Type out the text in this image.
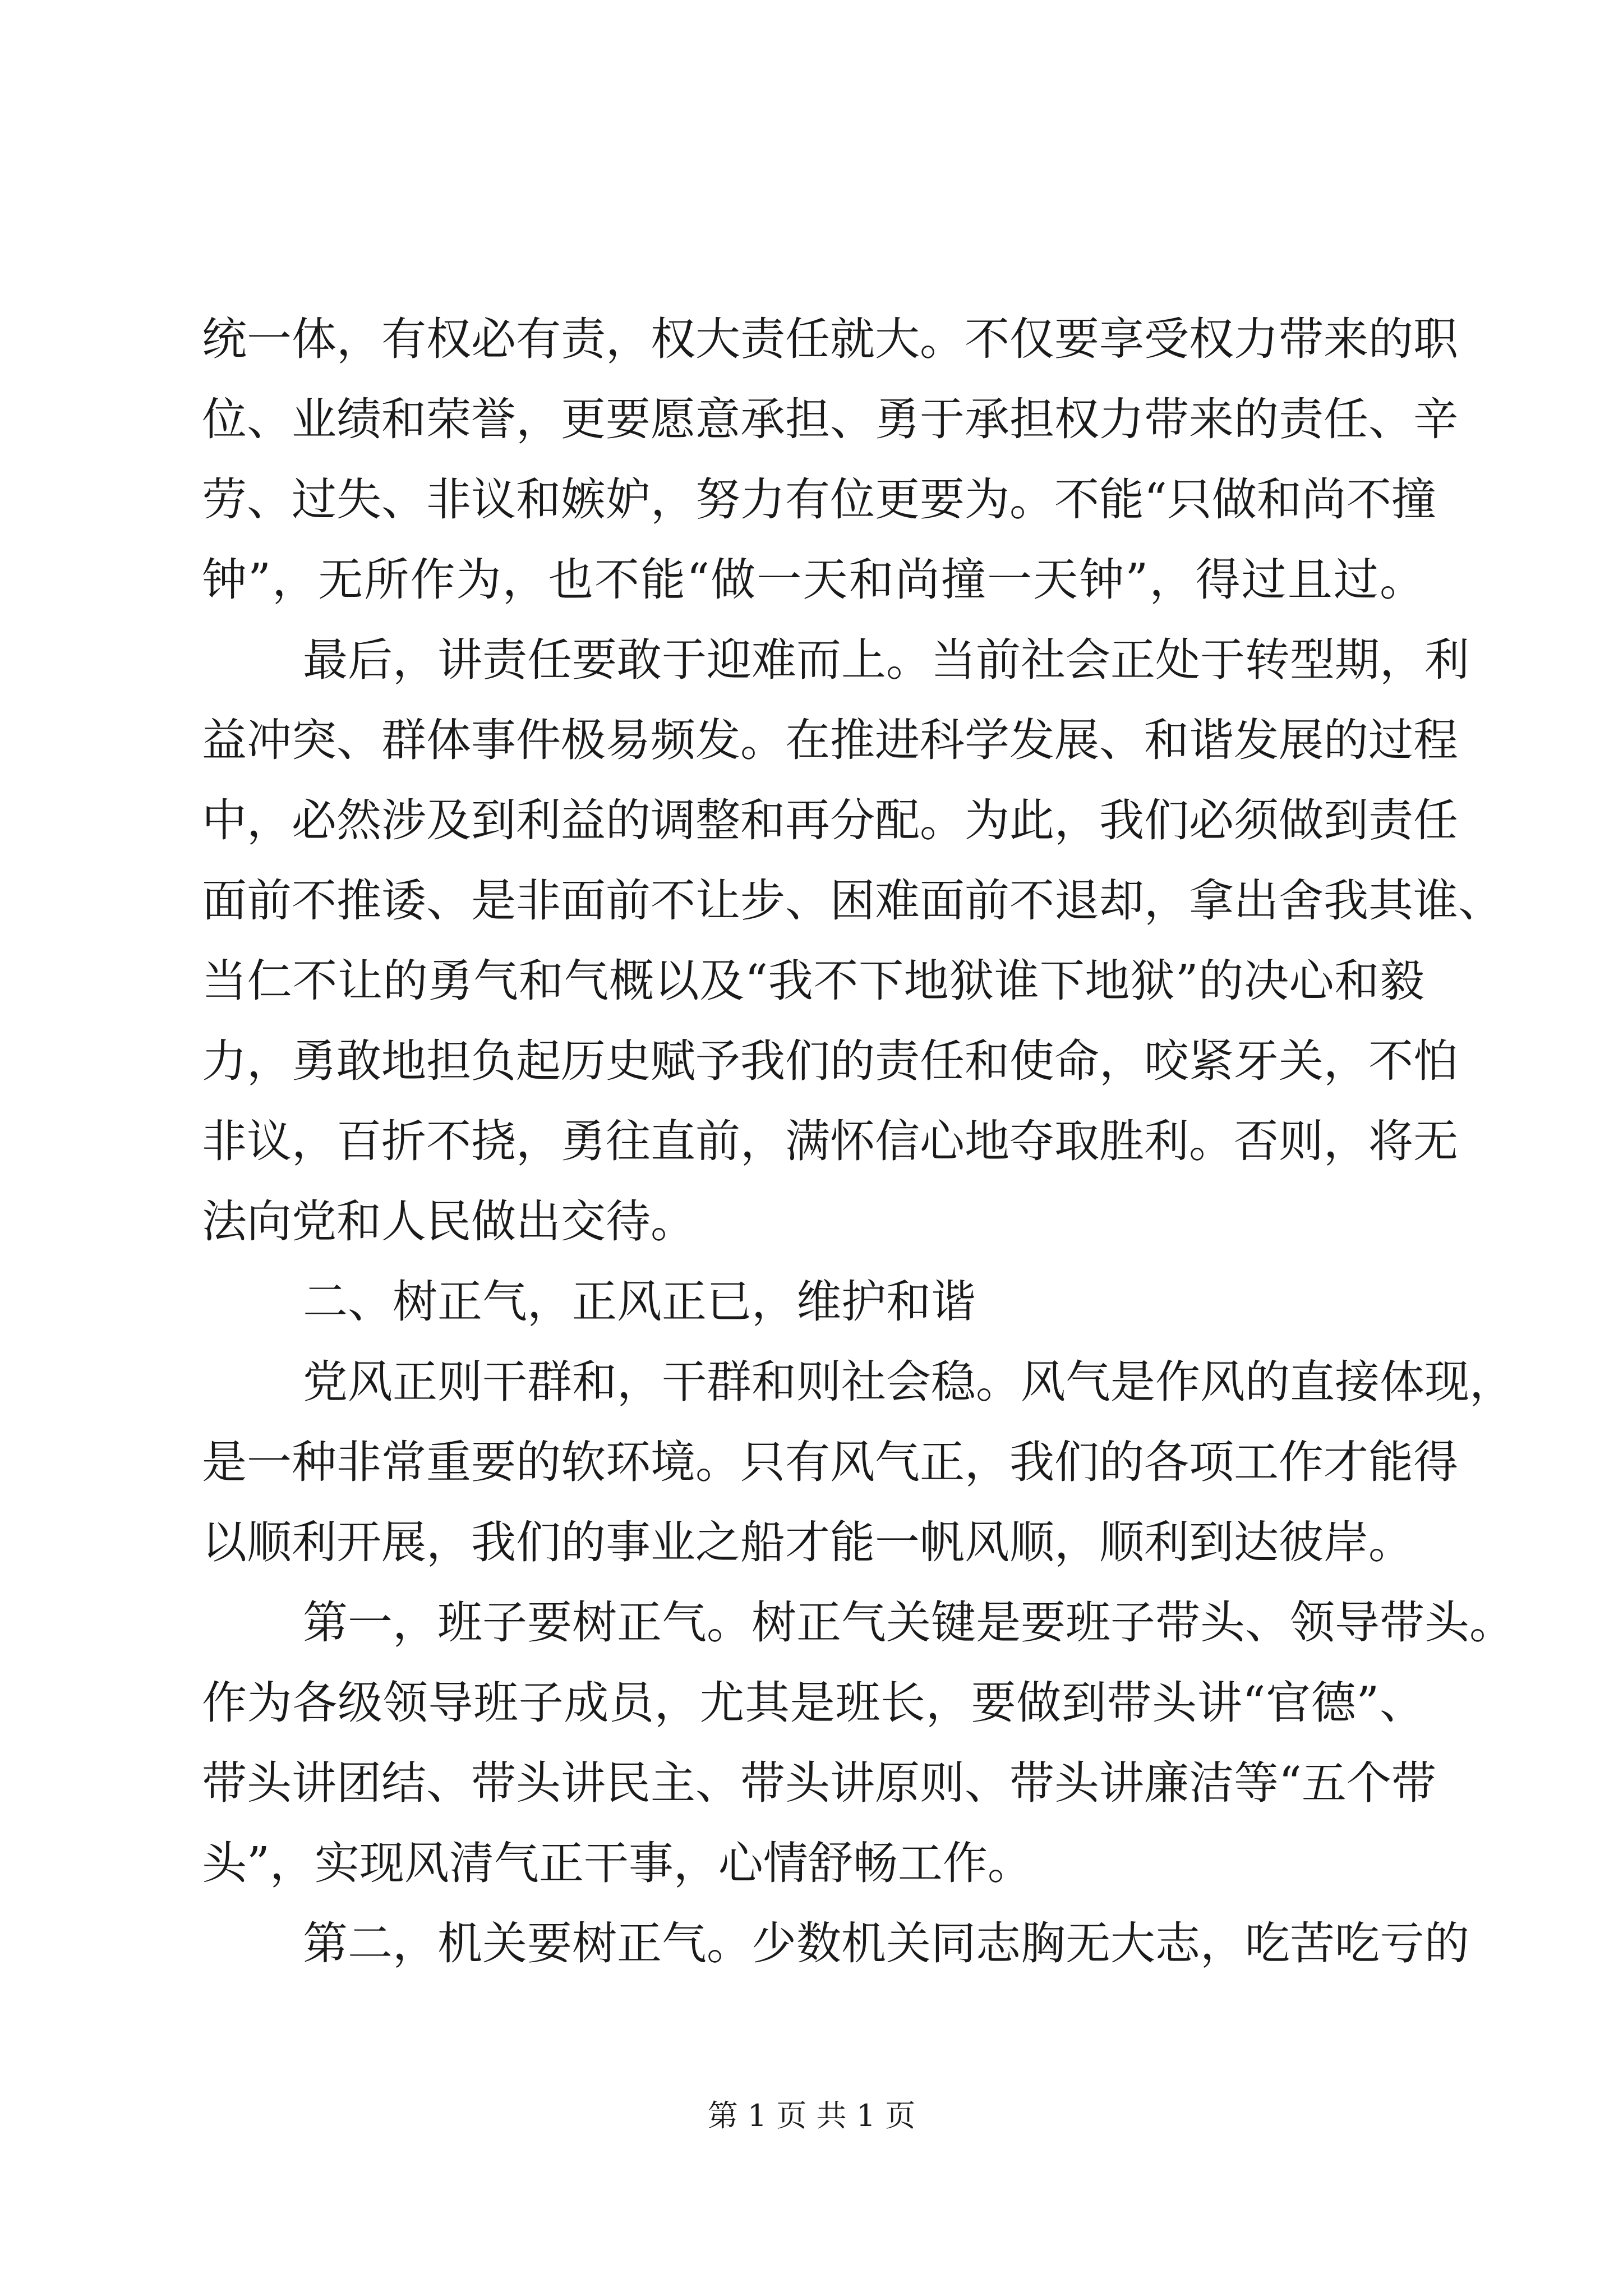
统一体，有权必有责，权大责任就大。不仅要享受权力带来的职
位、业绩和荣誉，更要愿意承担、勇于承担权力带来的责任、辛
劳、过失、非议和嫉妒，努力有位更要为。不能“只做和尚不撞
钟”，无所作为，也不能“做一天和尚撞一天钟”，得过且过。
最后，讲责任要敢于迎难而上。当前社会正处于转型期，利
益冲突、群体事件极易频发。在推进科学发展、和谐发展的过程
中，必然涉及到利益的调整和再分配。为此，我们必须做到责任
面前不推诿、是非面前不让步、困难面前不退却，拿出舍我其谁、
当仁不让的勇气和气概以及“我不下地狱谁下地狱”的决心和毅
力，勇敢地担负起历史赋予我们的责任和使命，咬紧牙关，不怕
非议，百折不挠，勇往直前，满怀信心地夺取胜利。否则，将无
法向党和人民做出交待。
二、树正气，正风正已，维护和谐
党风正则干群和，干群和则社会稳。风气是作风的直接体现，
是一种非常重要的软环境。只有风气正，我们的各项工作才能得
以顺利开展，我们的事业之船才能一帆风顺，顺利到达彼岸。
第一，班子要树正气。树正气关键是要班子带头、领导带头。
作为各级领导班子成员，尤其是班长，要做到带头讲“官德”、
带头讲团结、带头讲民主、带头讲原则、带头讲廉洁等“五个带
头”，实现风清气正干事，心情舒畅工作。
第二，机关要树正气。少数机关同志胸无大志，吃苦吃亏的
第 1 页 共 1 页
